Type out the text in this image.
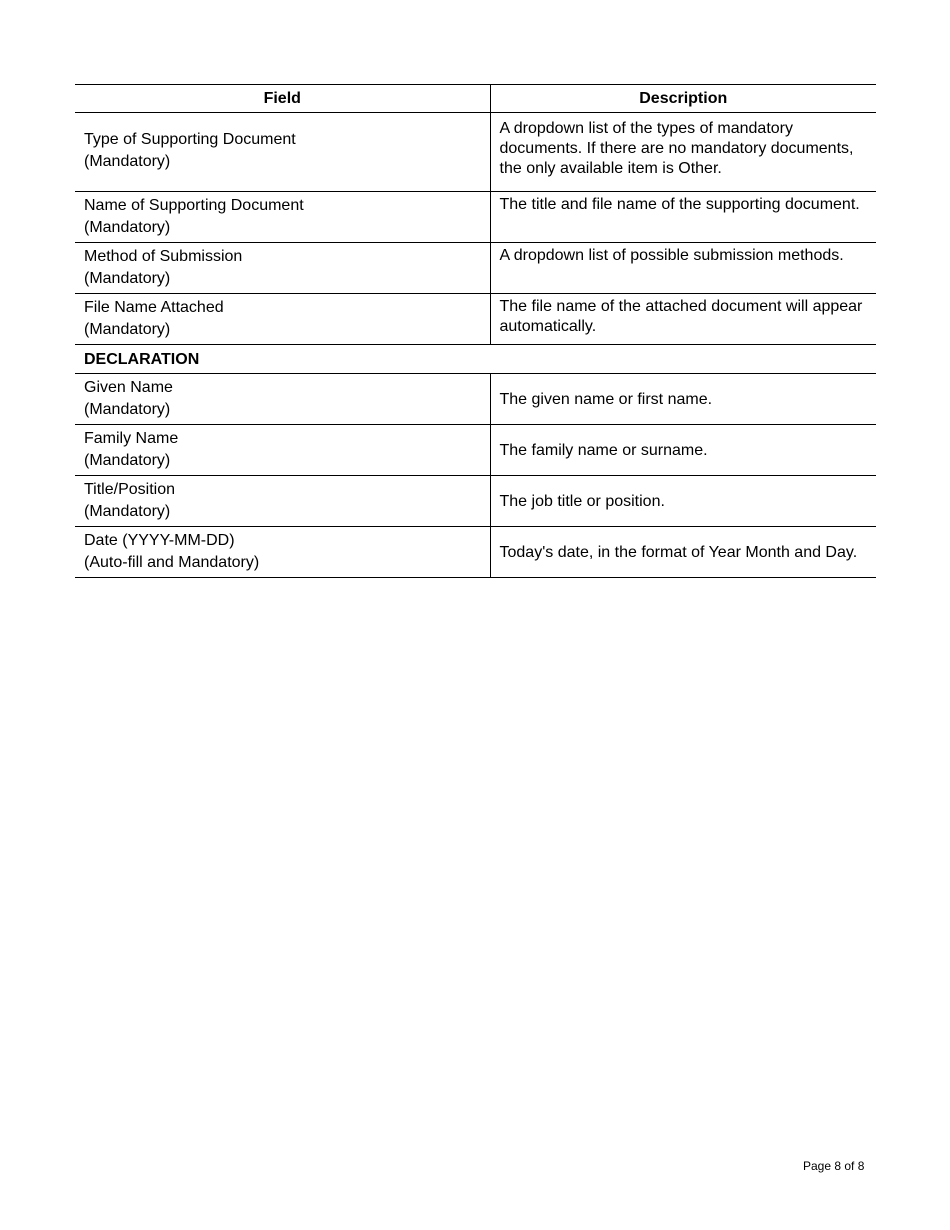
Field	Description

Type of Supporting Document
(Mandatory)	A dropdown list of the types of mandatory documents. If there are no mandatory documents, the only available item is Other.

Name of Supporting Document
(Mandatory)	The title and file name of the supporting document.

Method of Submission
(Mandatory)	A dropdown list of possible submission methods.

File Name Attached
(Mandatory)	The file name of the attached document will appear automatically.
DECLARATION	

Given Name
(Mandatory)	The given name or first name.

Family Name
(Mandatory)	The family name or surname.

Title/Position
(Mandatory)	The job title or position.

Date (YYYY-MM-DD)
(Auto-fill and Mandatory)	Today's date, in the format of Year Month and Day.
Page 8 of 8
